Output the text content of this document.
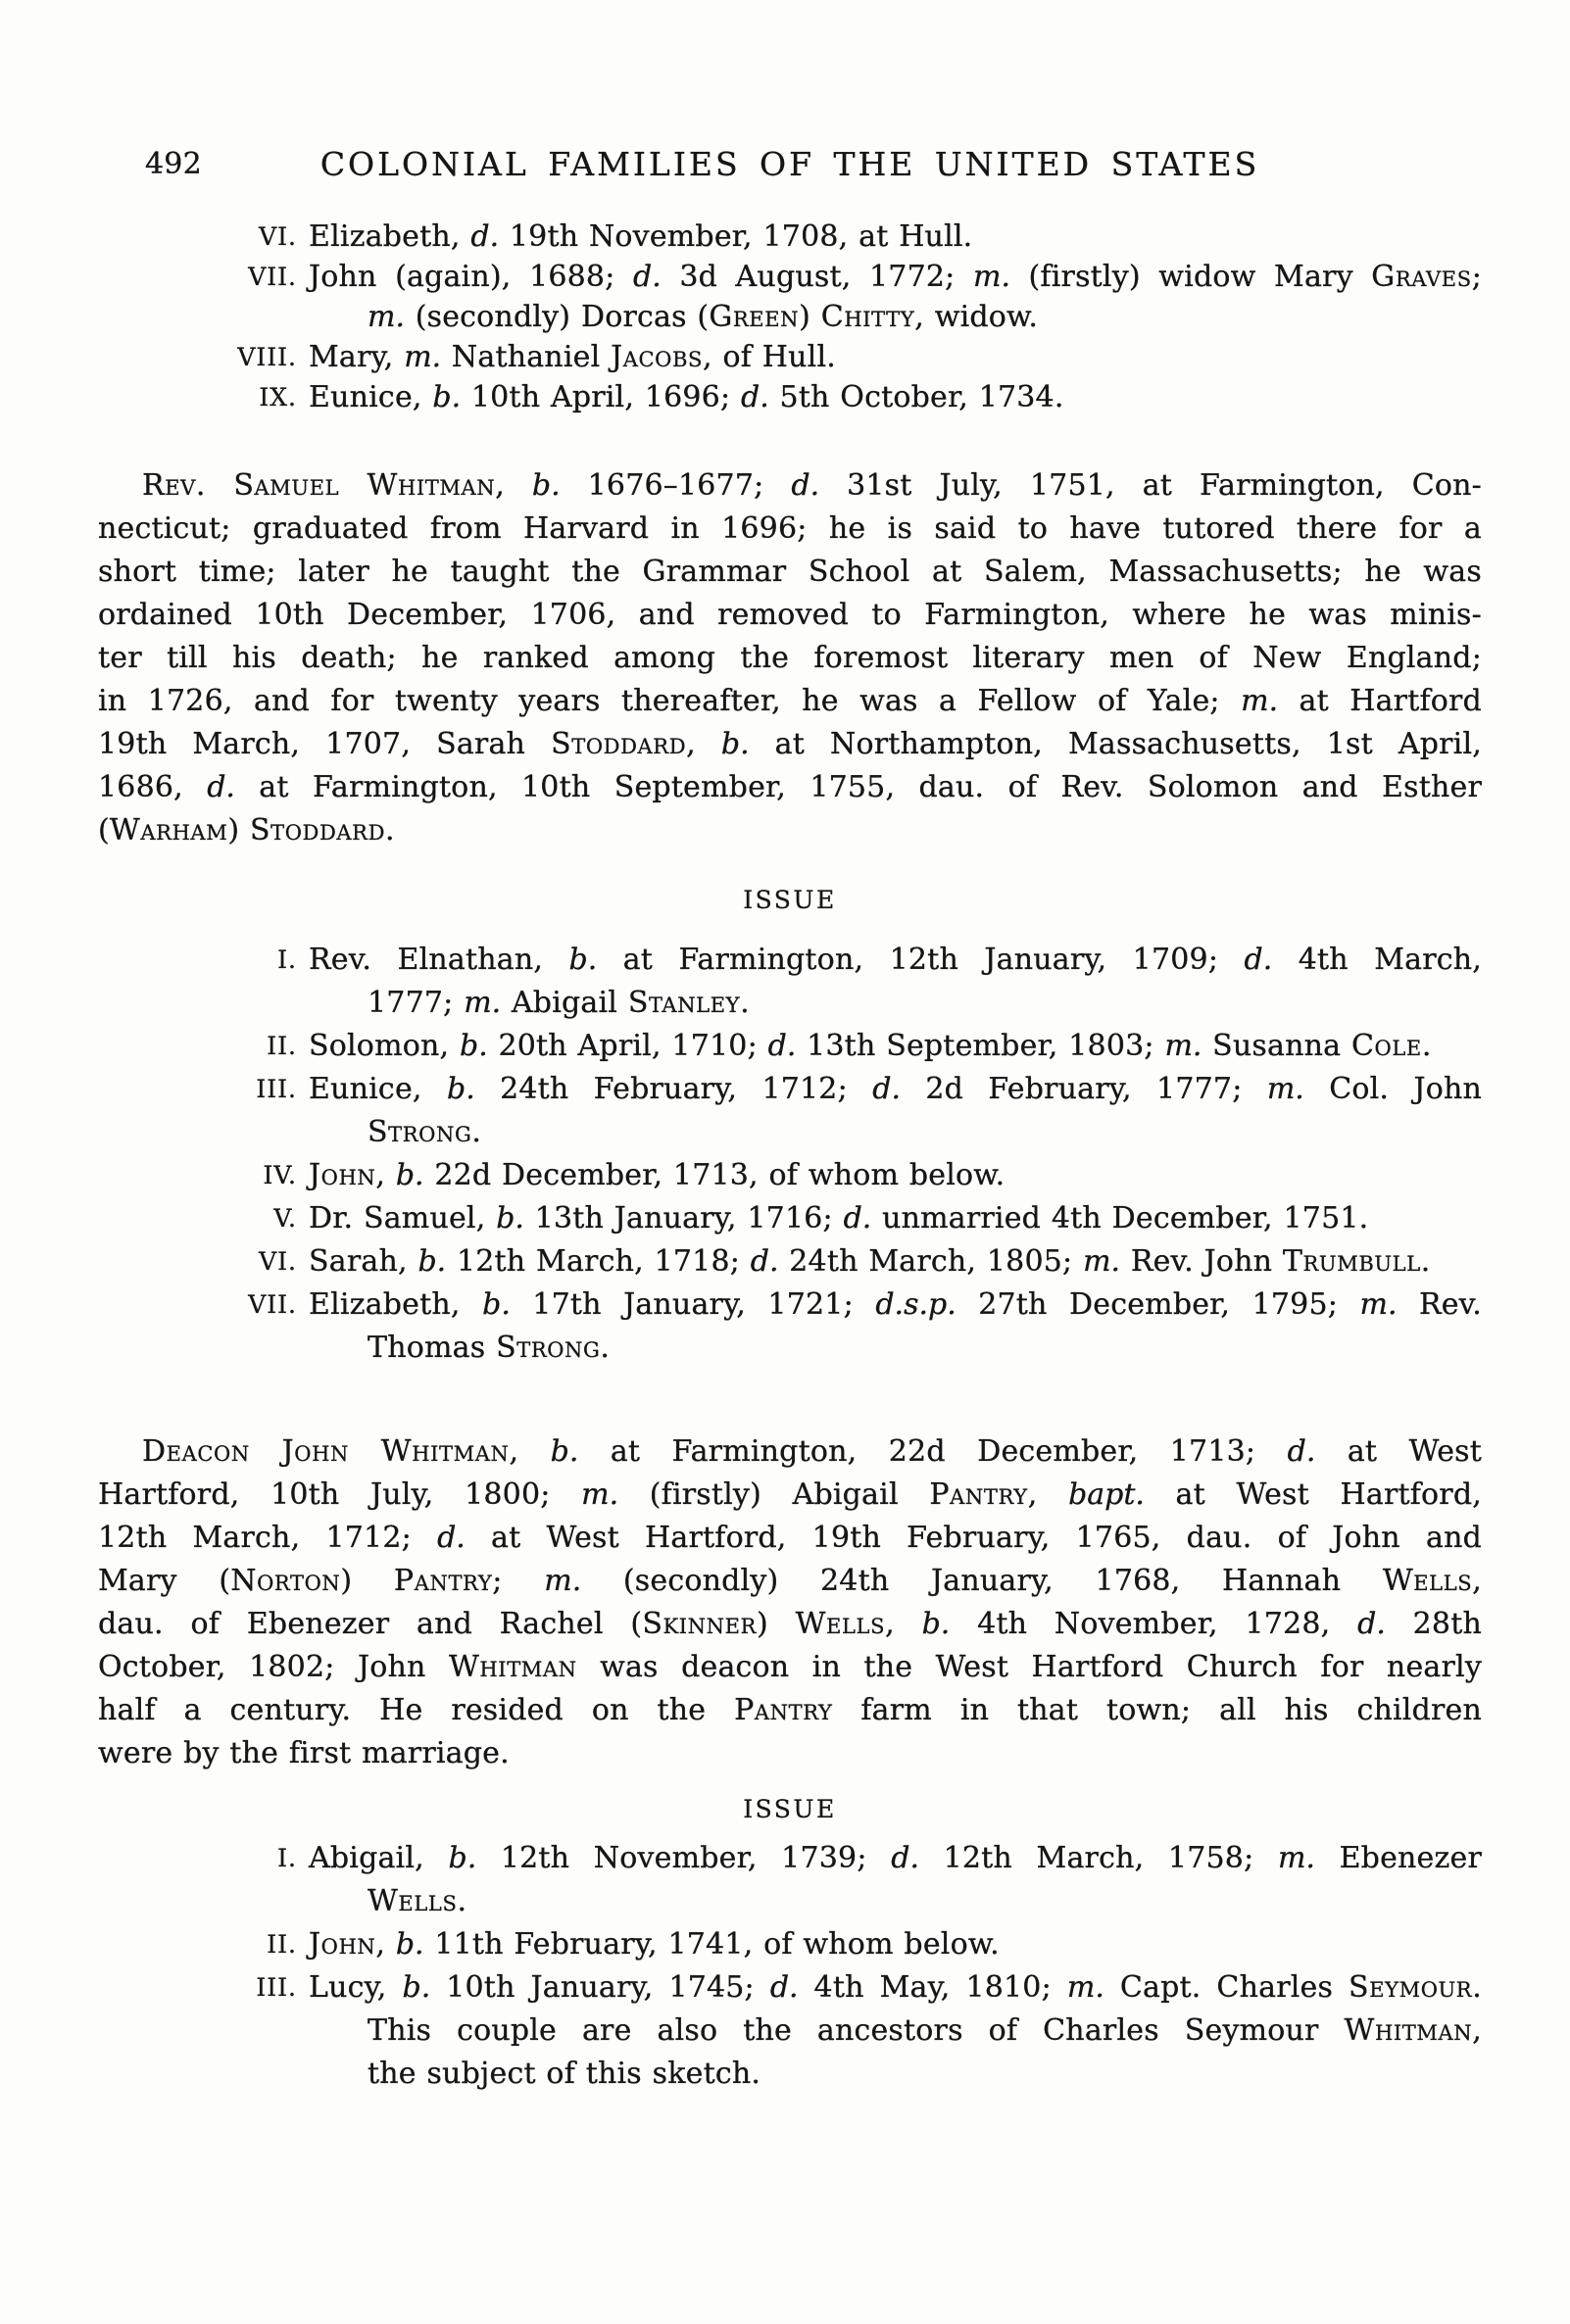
492	COLONIAL FAMILIES OF THE UNITED STATES
VI. Elizabeth, d. 19th November, 1708, at Hull.
VII. John (again), 1688; d. 3d August, 1772; m. (firstly) widow Mary Graves;
m. (secondly) Dorcas (Green) Chitty, widow.
VIII. Mary, m. Nathaniel Jacobs, of Hull.
IX. Eunice, b. 10th April, 1696; d. 5th October, 1734.
Rev. Samuel Whitman, b. 1676–1677; d. 31st July, 1751, at Farmington, Con-
necticut; graduated from Harvard in 1696; he is said to have tutored there for a
short time; later he taught the Grammar School at Salem, Massachusetts; he was
ordained 10th December, 1706, and removed to Farmington, where he was minis-
ter till his death; he ranked among the foremost literary men of New England;
in 1726, and for twenty years thereafter, he was a Fellow of Yale; m. at Hartford
19th March, 1707, Sarah Stoddard, b. at Northampton, Massachusetts, 1st April,
1686, d. at Farmington, 10th September, 1755, dau. of Rev. Solomon and Esther
(Warham) Stoddard.
ISSUE
I. Rev. Elnathan, b. at Farmington, 12th January, 1709; d. 4th March,
1777; m. Abigail Stanley.
II. Solomon, b. 20th April, 1710; d. 13th September, 1803; m. Susanna Cole.
III. Eunice, b. 24th February, 1712; d. 2d February, 1777; m. Col. John
Strong.
IV. John, b. 22d December, 1713, of whom below.
V. Dr. Samuel, b. 13th January, 1716; d. unmarried 4th December, 1751.
VI. Sarah, b. 12th March, 1718; d. 24th March, 1805; m. Rev. John Trumbull.
VII. Elizabeth, b. 17th January, 1721; d.s.p. 27th December, 1795; m. Rev.
Thomas Strong.
Deacon John Whitman, b. at Farmington, 22d December, 1713; d. at West
Hartford, 10th July, 1800; m. (firstly) Abigail Pantry, bapt. at West Hartford,
12th March, 1712; d. at West Hartford, 19th February, 1765, dau. of John and
Mary (Norton) Pantry; m. (secondly) 24th January, 1768, Hannah Wells,
dau. of Ebenezer and Rachel (Skinner) Wells, b. 4th November, 1728, d. 28th
October, 1802; John Whitman was deacon in the West Hartford Church for nearly
half a century. He resided on the Pantry farm in that town; all his children
were by the first marriage.
ISSUE
I. Abigail, b. 12th November, 1739; d. 12th March, 1758; m. Ebenezer
Wells.
II. John, b. 11th February, 1741, of whom below.
III. Lucy, b. 10th January, 1745; d. 4th May, 1810; m. Capt. Charles Seymour.
This couple are also the ancestors of Charles Seymour Whitman, the subject of this sketch.
